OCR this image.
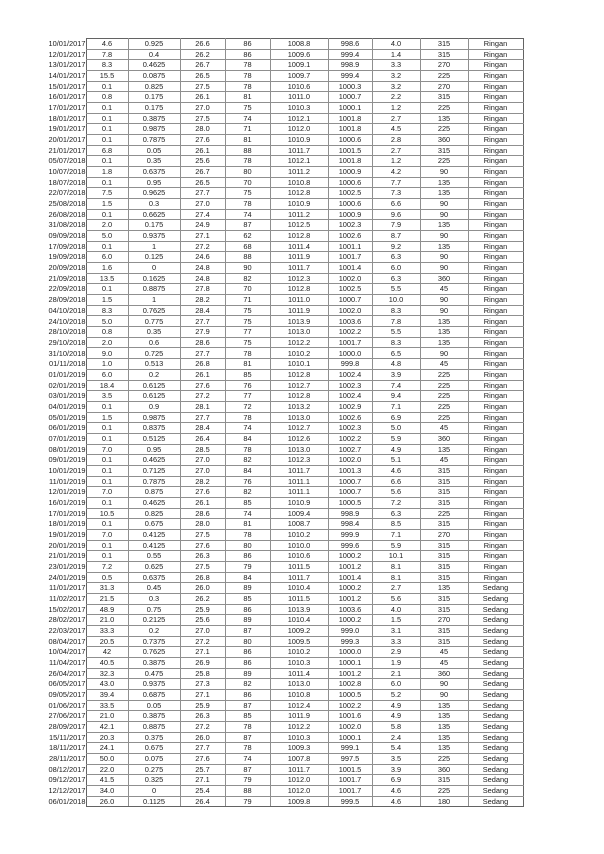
10/01/2017	4.6	0.925	26.6	86	1008.8	998.6	4.0	315	Ringan
12/01/2017	7.8	0.4	26.2	86	1009.6	999.4	1.4	315	Ringan
13/01/2017	8.3	0.4625	26.7	78	1009.1	998.9	3.3	270	Ringan
14/01/2017	15.5	0.0875	26.5	78	1009.7	999.4	3.2	225	Ringan
15/01/2017	0.1	0.825	27.5	78	1010.6	1000.3	3.2	270	Ringan
16/01/2017	0.8	0.175	26.1	81	1011.0	1000.7	2.2	315	Ringan
17/01/2017	0.1	0.175	27.0	75	1010.3	1000.1	1.2	225	Ringan
18/01/2017	0.1	0.3875	27.5	74	1012.1	1001.8	2.7	135	Ringan
19/01/2017	0.1	0.9875	28.0	71	1012.0	1001.8	4.5	225	Ringan
20/01/2017	0.1	0.7875	27.6	81	1010.9	1000.6	2.8	360	Ringan
21/01/2017	6.8	0.05	26.1	88	1011.7	1001.5	2.7	315	Ringan
05/07/2018	0.1	0.35	25.6	78	1012.1	1001.8	1.2	225	Ringan
10/07/2018	1.8	0.6375	26.7	80	1011.2	1000.9	4.2	90	Ringan
18/07/2018	0.1	0.95	26.5	70	1010.8	1000.6	7.7	135	Ringan
22/07/2018	7.5	0.9625	27.7	75	1012.8	1002.5	7.3	135	Ringan
25/08/2018	1.5	0.3	27.0	78	1010.9	1000.6	6.6	90	Ringan
26/08/2018	0.1	0.6625	27.4	74	1011.2	1000.9	9.6	90	Ringan
31/08/2018	2.0	0.175	24.9	87	1012.5	1002.3	7.9	135	Ringan
09/09/2018	5.0	0.9375	27.1	62	1012.8	1002.6	8.7	90	Ringan
17/09/2018	0.1	1	27.2	68	1011.4	1001.1	9.2	135	Ringan
19/09/2018	6.0	0.125	24.6	88	1011.9	1001.7	6.3	90	Ringan
20/09/2018	1.6	0	24.8	90	1011.7	1001.4	6.0	90	Ringan
21/09/2018	13.5	0.1625	24.8	82	1012.3	1002.0	6.3	360	Ringan
22/09/2018	0.1	0.8875	27.8	70	1012.8	1002.5	5.5	45	Ringan
28/09/2018	1.5	1	28.2	71	1011.0	1000.7	10.0	90	Ringan
04/10/2018	8.3	0.7625	28.4	75	1011.9	1002.0	8.3	90	Ringan
24/10/2018	5.0	0.775	27.7	75	1013.9	1003.6	7.8	135	Ringan
28/10/2018	0.8	0.35	27.9	77	1013.0	1002.2	5.5	135	Ringan
29/10/2018	2.0	0.6	28.6	75	1012.2	1001.7	8.3	135	Ringan
31/10/2018	9.0	0.725	27.7	78	1010.2	1000.0	6.5	90	Ringan
01/11/2018	1.0	0.513	26.8	81	1010.1	999.8	4.8	45	Ringan
01/01/2019	6.0	0.2	26.1	85	1012.8	1002.4	3.9	225	Ringan
02/01/2019	18.4	0.6125	27.6	76	1012.7	1002.3	7.4	225	Ringan
03/01/2019	3.5	0.6125	27.2	77	1012.8	1002.4	9.4	225	Ringan
04/01/2019	0.1	0.9	28.1	72	1013.2	1002.9	7.1	225	Ringan
05/01/2019	1.5	0.9875	27.7	78	1013.0	1002.6	6.9	225	Ringan
06/01/2019	0.1	0.8375	28.4	74	1012.7	1002.3	5.0	45	Ringan
07/01/2019	0.1	0.5125	26.4	84	1012.6	1002.2	5.9	360	Ringan
08/01/2019	7.0	0.95	28.5	78	1013.0	1002.7	4.9	135	Ringan
09/01/2019	0.1	0.4625	27.0	82	1012.3	1002.0	5.1	45	Ringan
10/01/2019	0.1	0.7125	27.0	84	1011.7	1001.3	4.6	315	Ringan
11/01/2019	0.1	0.7875	28.2	76	1011.1	1000.7	6.6	315	Ringan
12/01/2019	7.0	0.875	27.6	82	1011.1	1000.7	5.6	315	Ringan
16/01/2019	0.1	0.4625	26.1	85	1010.9	1000.5	7.2	315	Ringan
17/01/2019	10.5	0.825	28.6	74	1009.4	998.9	6.3	225	Ringan
18/01/2019	0.1	0.675	28.0	81	1008.7	998.4	8.5	315	Ringan
19/01/2019	7.0	0.4125	27.5	78	1010.2	999.9	7.1	270	Ringan
20/01/2019	0.1	0.4125	27.6	80	1010.0	999.6	5.9	315	Ringan
21/01/2019	0.1	0.55	26.3	86	1010.6	1000.2	10.1	315	Ringan
23/01/2019	7.2	0.625	27.5	79	1011.5	1001.2	8.1	315	Ringan
24/01/2019	0.5	0.6375	26.8	84	1011.7	1001.4	8.1	315	Ringan
11/01/2017	31.3	0.45	26.0	89	1010.4	1000.2	2.7	135	Sedang
11/02/2017	21.5	0.3	26.2	85	1011.5	1001.2	5.6	315	Sedang
15/02/2017	48.9	0.75	25.9	86	1013.9	1003.6	4.0	315	Sedang
28/02/2017	21.0	0.2125	25.6	89	1010.4	1000.2	1.5	270	Sedang
22/03/2017	33.3	0.2	27.0	87	1009.2	999.0	3.1	315	Sedang
08/04/2017	20.5	0.7375	27.2	80	1009.5	999.3	3.3	315	Sedang
10/04/2017	42	0.7625	27.1	86	1010.2	1000.0	2.9	45	Sedang
11/04/2017	40.5	0.3875	26.9	86	1010.3	1000.1	1.9	45	Sedang
26/04/2017	32.3	0.475	25.8	89	1011.4	1001.2	2.1	360	Sedang
06/05/2017	43.0	0.9375	27.3	82	1013.0	1002.8	6.0	90	Sedang
09/05/2017	39.4	0.6875	27.1	86	1010.8	1000.5	5.2	90	Sedang
01/06/2017	33.5	0.05	25.9	87	1012.4	1002.2	4.9	135	Sedang
27/06/2017	21.0	0.3875	26.3	85	1011.9	1001.6	4.9	135	Sedang
28/09/2017	42.1	0.8875	27.2	78	1012.2	1002.0	5.8	135	Sedang
15/11/2017	20.3	0.375	26.0	87	1010.3	1000.1	2.4	135	Sedang
18/11/2017	24.1	0.675	27.7	78	1009.3	999.1	5.4	135	Sedang
28/11/2017	50.0	0.075	27.6	74	1007.8	997.5	3.5	225	Sedang
08/12/2017	22.0	0.275	25.7	87	1011.7	1001.5	3.9	360	Sedang
09/12/2017	41.5	0.325	27.1	79	1012.0	1001.7	6.9	315	Sedang
12/12/2017	34.0	0	25.4	88	1012.0	1001.7	4.6	225	Sedang
06/01/2018	26.0	0.1125	26.4	79	1009.8	999.5	4.6	180	Sedang
